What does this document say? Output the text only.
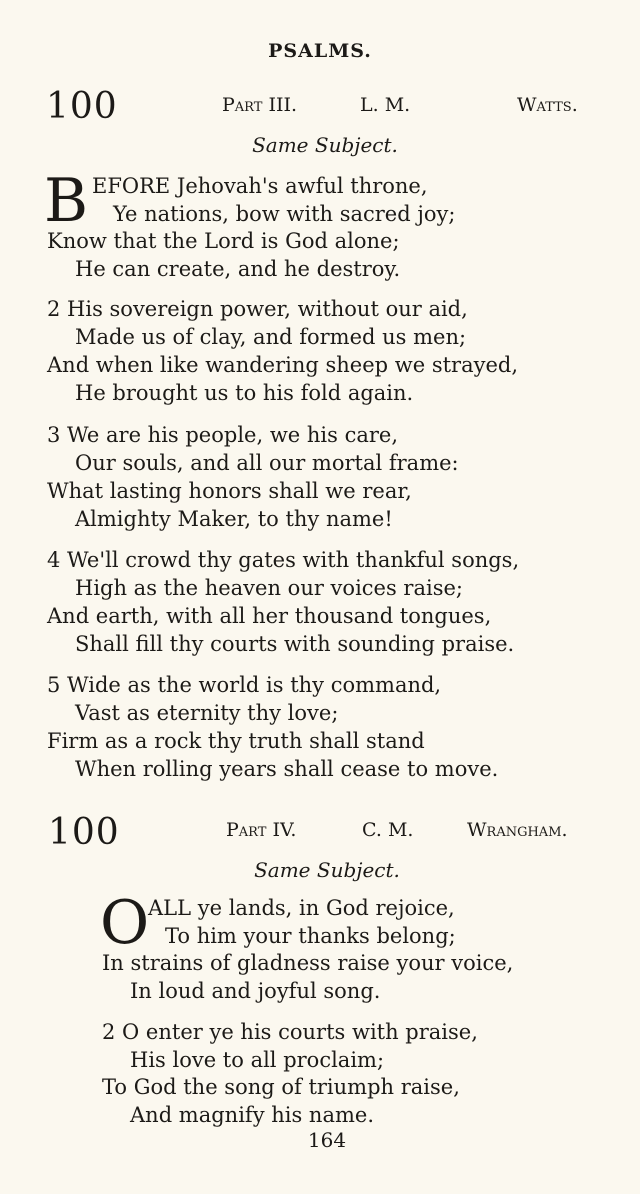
PSALMS.
100	Part III.	L. M.	Watts.
Same Subject.
B EFORE Jehovah's awful throne,
Ye nations, bow with sacred joy;
Know that the Lord is God alone;
He can create, and he destroy.
2 His sovereign power, without our aid,
Made us of clay, and formed us men;
And when like wandering sheep we strayed,
He brought us to his fold again.
3 We are his people, we his care,
Our souls, and all our mortal frame:
What lasting honors shall we rear,
Almighty Maker, to thy name!
4 We'll crowd thy gates with thankful songs,
High as the heaven our voices raise;
And earth, with all her thousand tongues,
Shall fill thy courts with sounding praise.
5 Wide as the world is thy command,
Vast as eternity thy love;
Firm as a rock thy truth shall stand
When rolling years shall cease to move.
100	Part IV.	C. M.	Wrangham.
Same Subject.
O
ALL ye lands, in God rejoice,
To him your thanks belong;
In strains of gladness raise your voice,
In loud and joyful song.
2 O enter ye his courts with praise,
His love to all proclaim;
To God the song of triumph raise,
And magnify his name.
164
